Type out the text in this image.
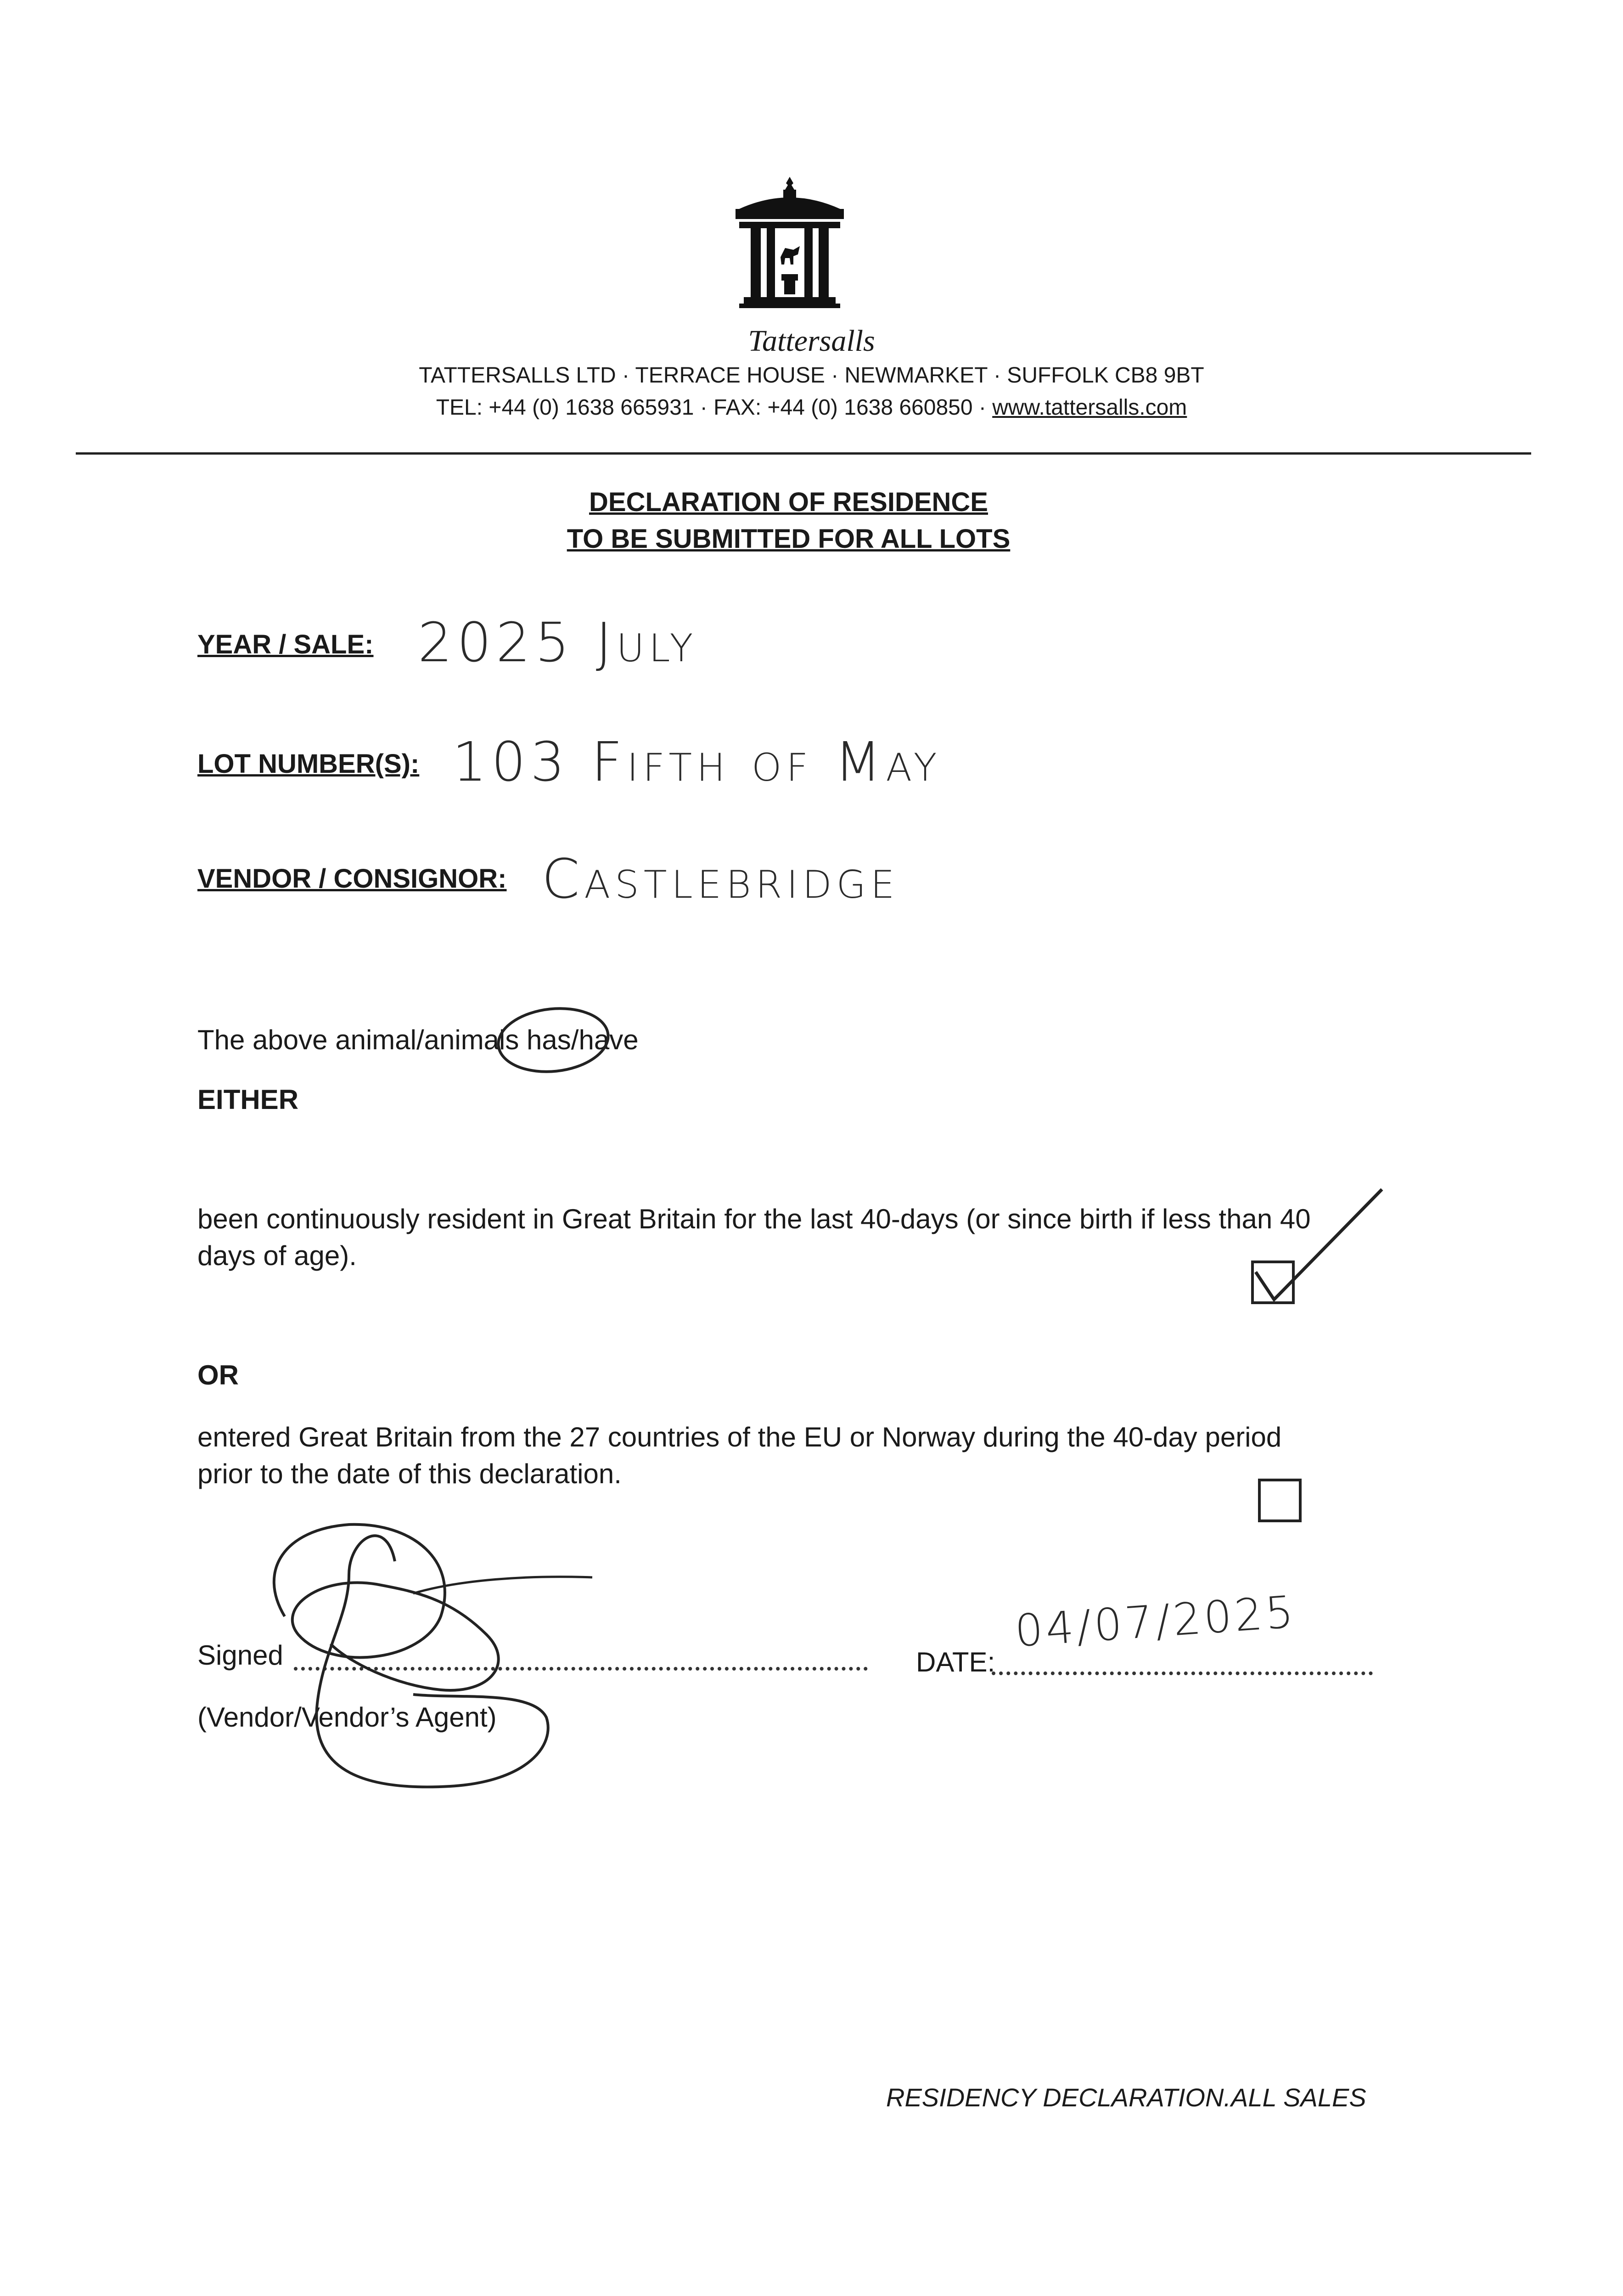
Tattersalls
TATTERSALLS LTD · TERRACE HOUSE · NEWMARKET · SUFFOLK CB8 9BT
TEL: +44 (0) 1638 665931 · FAX: +44 (0) 1638 660850 · www.tattersalls.com
DECLARATION OF RESIDENCE
TO BE SUBMITTED FOR ALL LOTS
YEAR / SALE: 2025 July
LOT NUMBER(S): 103 Fifth of May
VENDOR / CONSIGNOR: Castlebridge
The above animal/animals has/have
EITHER
been continuously resident in Great Britain for the last 40-days (or since birth if less than 40
days of age).
OR
entered Great Britain from the 27 countries of the EU or Norway during the 40-day period
prior to the date of this declaration.
Signed
(Vendor/Vendor’s Agent)
DATE:
04/07/2025
RESIDENCY DECLARATION.ALL SALES
